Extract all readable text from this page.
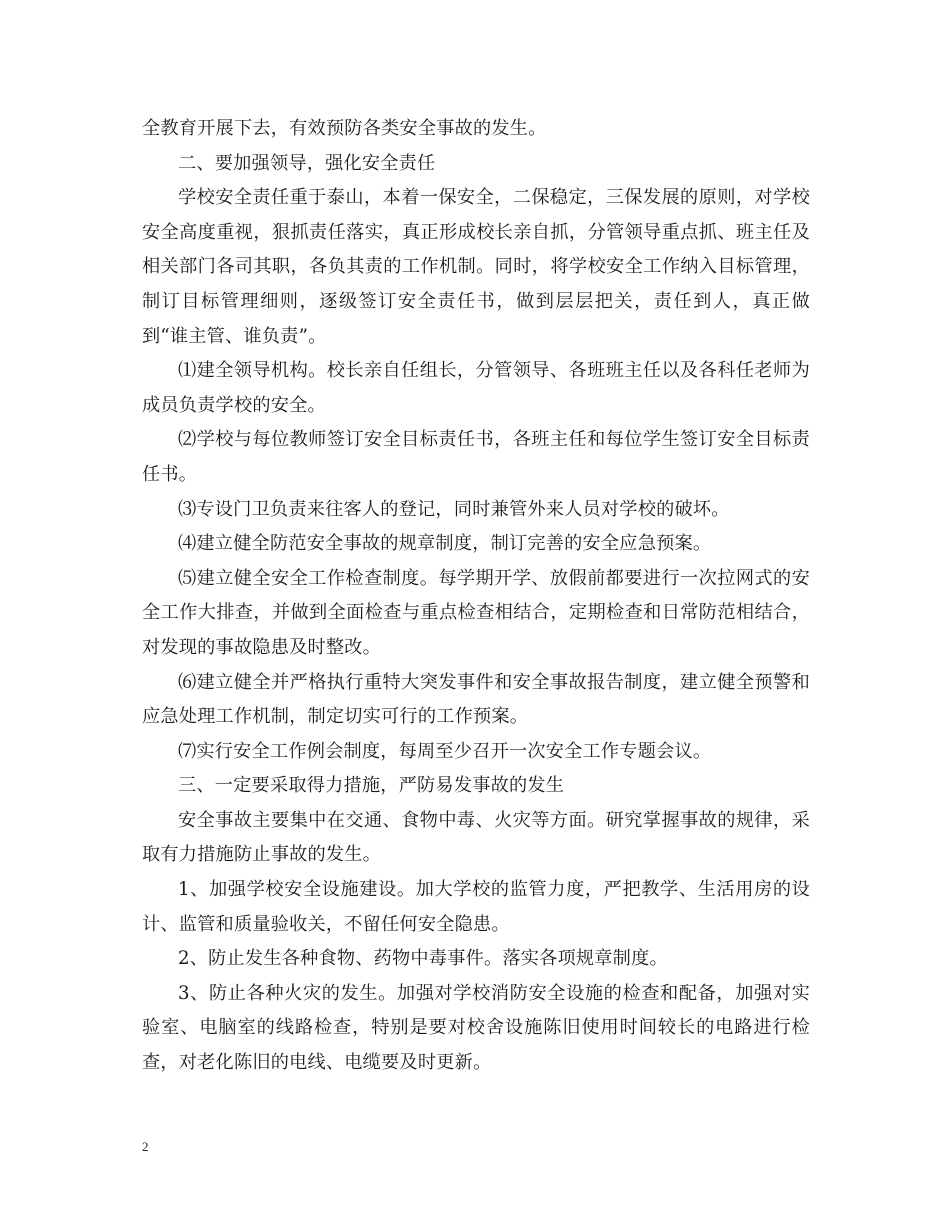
全教育开展下去，有效预防各类安全事故的发生。

二、要加强领导，强化安全责任

学校安全责任重于泰山，本着一保安全，二保稳定，三保发展的原则，对学校安全高度重视，狠抓责任落实，真正形成校长亲自抓，分管领导重点抓、班主任及相关部门各司其职，各负其责的工作机制。同时，将学校安全工作纳入目标管理，制订目标管理细则，逐级签订安全责任书，做到层层把关，责任到人，真正做到“谁主管、谁负责”。

⑴建全领导机构。校长亲自任组长，分管领导、各班班主任以及各科任老师为成员负责学校的安全。

⑵学校与每位教师签订安全目标责任书，各班主任和每位学生签订安全目标责任书。

⑶专设门卫负责来往客人的登记，同时兼管外来人员对学校的破坏。

⑷建立健全防范安全事故的规章制度，制订完善的安全应急预案。

⑸建立健全安全工作检查制度。每学期开学、放假前都要进行一次拉网式的安全工作大排查，并做到全面检查与重点检查相结合，定期检查和日常防范相结合，对发现的事故隐患及时整改。

⑹建立健全并严格执行重特大突发事件和安全事故报告制度，建立健全预警和应急处理工作机制，制定切实可行的工作预案。

⑺实行安全工作例会制度，每周至少召开一次安全工作专题会议。

三、一定要采取得力措施，严防易发事故的发生

安全事故主要集中在交通、食物中毒、火灾等方面。研究掌握事故的规律，采取有力措施防止事故的发生。

1、加强学校安全设施建设。加大学校的监管力度，严把教学、生活用房的设计、监管和质量验收关，不留任何安全隐患。

2、防止发生各种食物、药物中毒事件。落实各项规章制度。

3、防止各种火灾的发生。加强对学校消防安全设施的检查和配备，加强对实验室、电脑室的线路检查，特别是要对校舍设施陈旧使用时间较长的电路进行检查，对老化陈旧的电线、电缆要及时更新。

2
